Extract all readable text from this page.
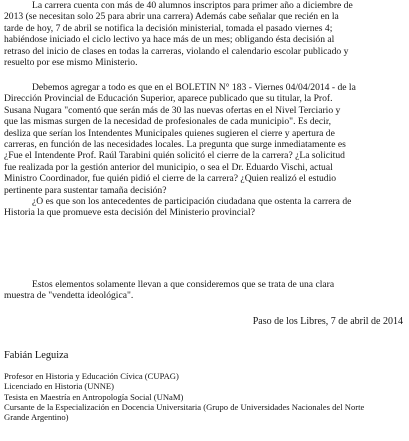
La carrera cuenta con más de 40 alumnos inscriptos para primer año a diciembre de
2013 (se necesitan solo 25 para abrir una carrera) Además cabe señalar que recién en la
tarde de hoy, 7 de abril se notifica la decisión ministerial, tomada el pasado viernes 4;
habiéndose iniciado el ciclo lectivo ya hace más de un mes; obligando ésta decisión al
retraso del inicio de clases en todas la carreras, violando el calendario escolar publicado y
resuelto por ese mismo Ministerio.

Debemos agregar a todo es que en el BOLETIN N° 183 - Viernes 04/04/2014 - de la
Dirección Provincial de Educación Superior, aparece publicado que su titular, la Prof.
Susana Nugara "comentó que serán más de 30 las nuevas ofertas en el Nivel Terciario y
que las mismas surgen de la necesidad de profesionales de cada municipio". Es decir,
desliza que serían los Intendentes Municipales quienes sugieren el cierre y apertura de
carreras, en función de las necesidades locales. La pregunta que surge inmediatamente es
¿Fue el Intendente Prof. Raúl Tarabini quién solicitó el cierre de la carrera? ¿La solicitud
fue realizada por la gestión anterior del municipio, o sea el Dr. Eduardo Vischi, actual
Ministro Coordinador, fue quién pidió el cierre de la carrera? ¿Quien realizó el estudio
pertinente para sustentar tamaña decisión?
¿O es que son los antecedentes de participación ciudadana que ostenta la carrera de
Historia la que promueve esta decisión del Ministerio provincial?

Estos elementos solamente llevan a que consideremos que se trata de una clara
muestra de "vendetta ideológica".

Paso de los Libres, 7 de abril de 2014

Fabián Leguiza

Profesor en Historia y Educación Cívica (CUPAG)
Licenciado en Historia (UNNE)
Tesista en Maestría en Antropología Social (UNaM)
Cursante de la Especialización en Docencia Universitaria (Grupo de Universidades Nacionales del Norte
Grande Argentino)
